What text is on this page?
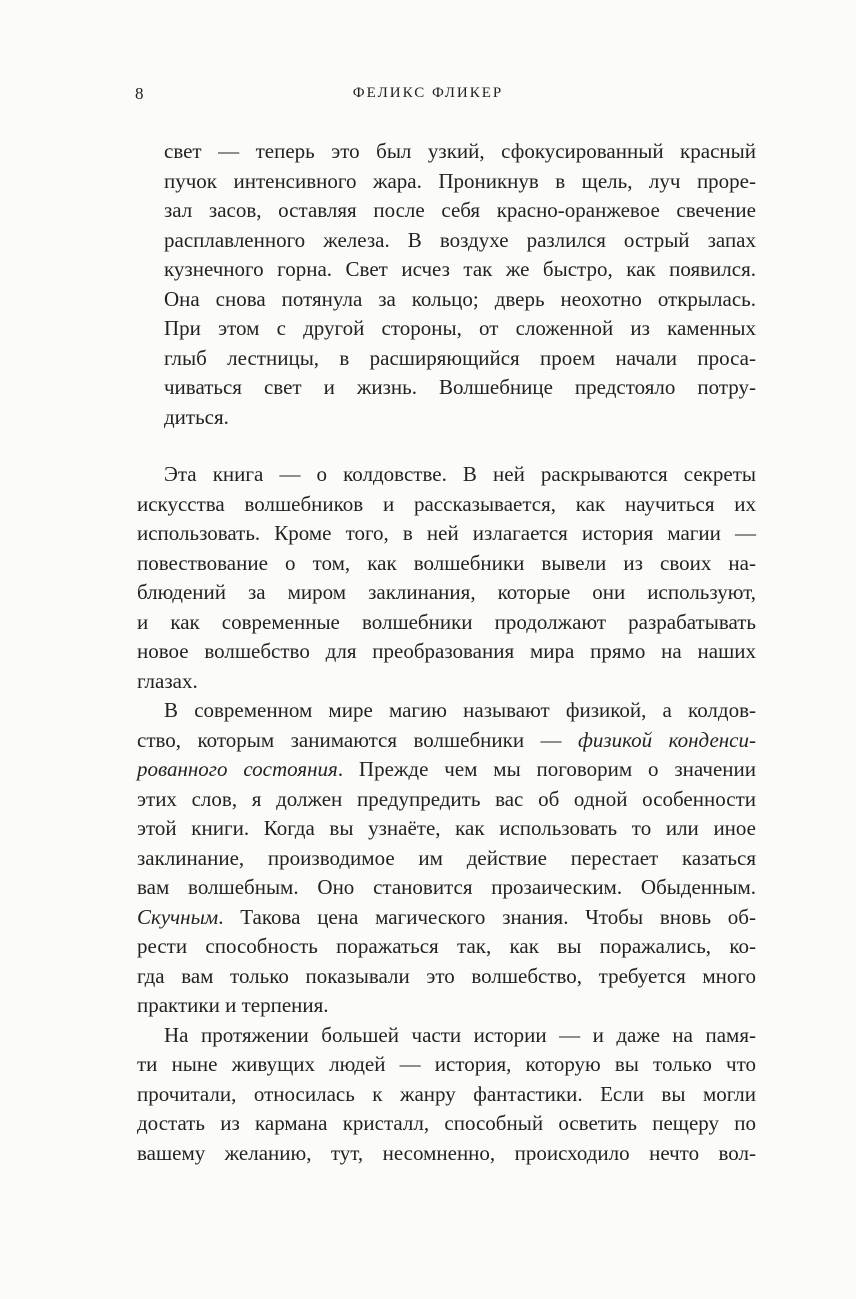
8	ФЕЛИКС ФЛИКЕР
свет — теперь это был узкий, сфокусированный красный
пучок интенсивного жара. Проникнув в щель, луч проре-
зал засов, оставляя после себя красно-оранжевое свечение
расплавленного железа. В воздухе разлился острый запах
кузнечного горна. Свет исчез так же быстро, как появился.
Она снова потянула за кольцо; дверь неохотно открылась.
При этом с другой стороны, от сложенной из каменных
глыб лестницы, в расширяющийся проем начали проса-
чиваться свет и жизнь. Волшебнице предстояло потру-
диться.
Эта книга — о колдовстве. В ней раскрываются секреты
искусства волшебников и рассказывается, как научиться их
использовать. Кроме того, в ней излагается история магии —
повествование о том, как волшебники вывели из своих на-
блюдений за миром заклинания, которые они используют,
и как современные волшебники продолжают разрабатывать
новое волшебство для преобразования мира прямо на наших
глазах.
В современном мире магию называют физикой, а колдов-
ство, которым занимаются волшебники — физикой конденси-
рованного состояния. Прежде чем мы поговорим о значении
этих слов, я должен предупредить вас об одной особенности
этой книги. Когда вы узнаёте, как использовать то или иное
заклинание, производимое им действие перестает казаться
вам волшебным. Оно становится прозаическим. Обыденным.
Скучным. Такова цена магического знания. Чтобы вновь об-
рести способность поражаться так, как вы поражались, ко-
гда вам только показывали это волшебство, требуется много
практики и терпения.
На протяжении большей части истории — и даже на памя-
ти ныне живущих людей — история, которую вы только что
прочитали, относилась к жанру фантастики. Если вы могли
достать из кармана кристалл, способный осветить пещеру по
вашему желанию, тут, несомненно, происходило нечто вол-
